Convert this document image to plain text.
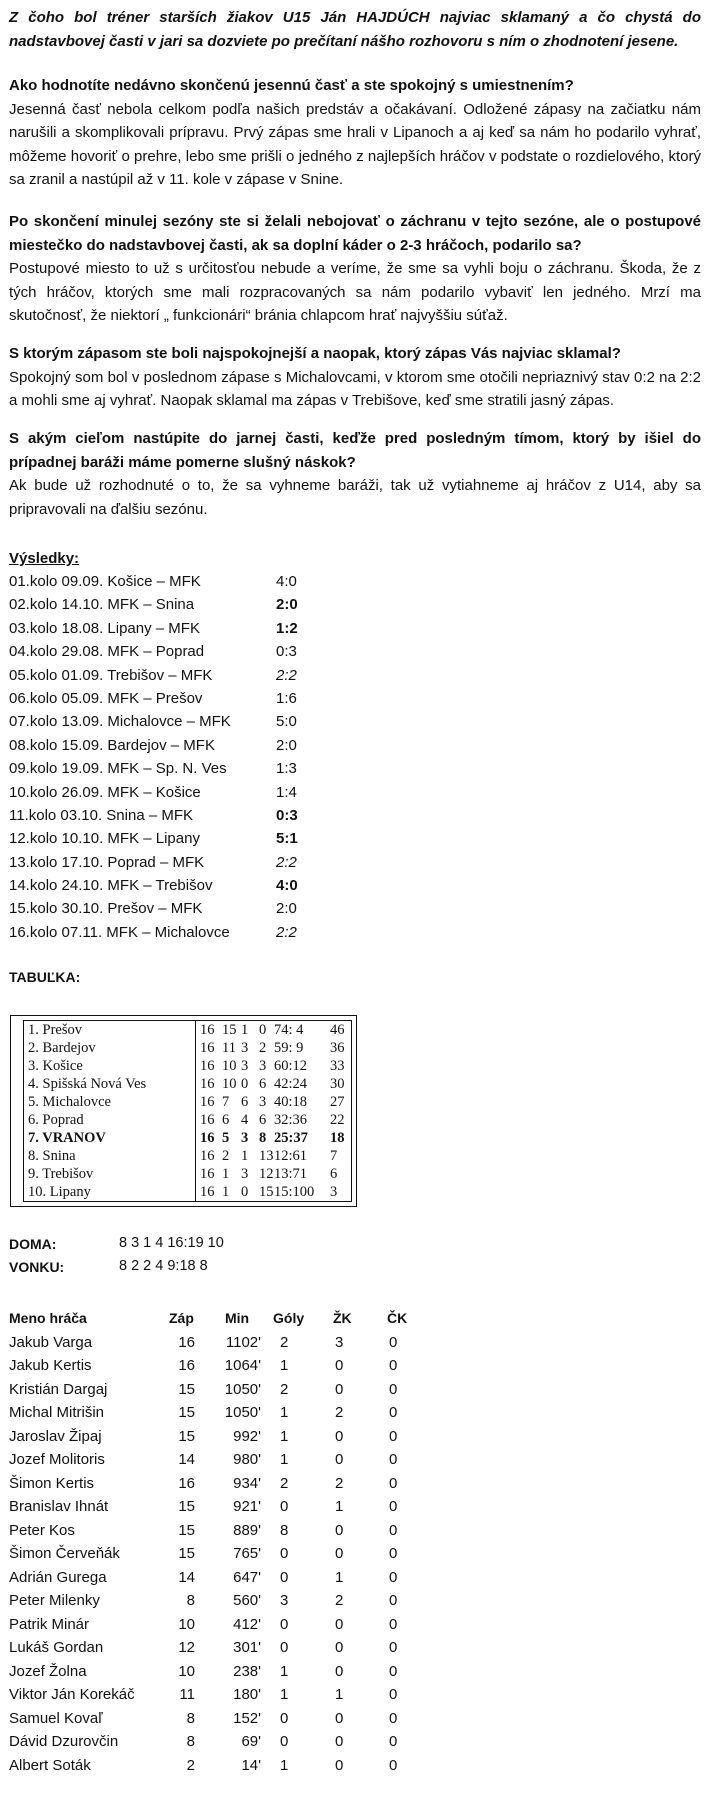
Z čoho bol tréner starších žiakov U15 Ján HAJDÚCH najviac sklamaný a čo chystá do nadstavbovej časti v jari sa dozviete po prečítaní nášho rozhovoru s ním o zhodnotení jesene.
Ako hodnotíte nedávno skončenú jesennú časť a ste spokojný s umiestnením?
Jesenná časť nebola celkom podľa našich predstáv a očakávaní. Odložené zápasy na začiatku nám narušili a skomplikovali prípravu. Prvý zápas sme hrali v Lipanoch a aj keď sa nám ho podarilo vyhrať, môžeme hovoriť o prehre, lebo sme prišli o jedného z najlepších hráčov v podstate o rozdielového, ktorý sa zranil a nastúpil až v 11. kole v zápase v Snine.
Po skončení minulej sezóny ste si želali nebojovať o záchranu v tejto sezóne, ale o postupové miestečko do nadstavbovej časti, ak sa doplní káder o 2-3 hráčoch, podarilo sa?
Postupové miesto to už s určitosťou nebude a veríme, že sme sa vyhli boju o záchranu. Škoda, že z tých hráčov, ktorých sme mali rozpracovaných sa nám podarilo vybaviť len jedného. Mrzí ma skutočnosť, že niektorí „ funkcionári“ bránia chlapcom hrať najvyššiu súťaž.
S ktorým zápasom ste boli najspokojnejší a naopak, ktorý zápas Vás najviac sklamal?
Spokojný som bol v poslednom zápase s Michalovcami, v ktorom sme otočili nepriaznivý stav 0:2 na 2:2 a mohli sme aj vyhrať. Naopak sklamal ma zápas v Trebišove, keď sme stratili jasný zápas.
S akým cieľom nastúpite do jarnej časti, keďže pred posledným tímom, ktorý by išiel do prípadnej baráži máme pomerne slušný náskok?
Ak bude už rozhodnuté o to, že sa vyhneme baráži, tak už vytiahneme aj hráčov z U14, aby sa pripravovali na ďalšiu sezónu.
Výsledky:
01.kolo 09.09. Košice – MFK	4:0
02.kolo 14.10. MFK – Snina	2:0
03.kolo 18.08. Lipany – MFK	1:2
04.kolo 29.08. MFK – Poprad	0:3
05.kolo 01.09. Trebišov – MFK	2:2
06.kolo 05.09. MFK – Prešov	1:6
07.kolo 13.09. Michalovce – MFK	5:0
08.kolo 15.09. Bardejov – MFK	2:0
09.kolo 19.09. MFK – Sp. N. Ves	1:3
10.kolo 26.09. MFK – Košice	1:4
11.kolo 03.10. Snina – MFK	0:3
12.kolo 10.10. MFK – Lipany	5:1
13.kolo 17.10. Poprad – MFK	2:2
14.kolo 24.10. MFK – Trebišov	4:0
15.kolo 30.10. Prešov – MFK	2:0
16.kolo 07.11. MFK – Michalovce	2:2
TABUĽKA:
1. Prešov	16 15 1 0 74: 4 46
2. Bardejov	16 11 3 2 59: 9 36
3. Košice	16 10 3 3 60:12 33
4. Spišská Nová Ves	16 10 0 6 42:24 30
5. Michalovce	16 7 6 3 40:18 27
6. Poprad	16 6 4 6 32:36 22
7. VRANOV	16 5 3 8 25:37 18
8. Snina	16 2 1 13 12:61 7
9. Trebišov	16 1 3 12 13:71 6
10. Lipany	16 1 0 15 15:100 3
DOMA:	8 3 1 4 16:19 10
VONKU:	8 2 2 4 9:18 8
Meno hráča	Záp Min Góly ŽK	ČK
Jakub Varga	16	1102' 2	3	0
Jakub Kertis	16 1064' 1	0	0
Kristián Dargaj	15 1050' 2	0	0
Michal Mitrišin	15 1050' 1	2	0
Jaroslav Žipaj	15	992' 1	0	0
Jozef Molitoris	14	980' 1	0	0
Šimon Kertis	16	934' 2	2	0
Branislav Ihnát	15	921' 0	1	0
Peter Kos	15	889' 8	0	0
Šimon Červeňák	15	765' 0	0	0
Adrián Gurega	14	647' 0	1	0
Peter Milenky	8	560' 3	2	0
Patrik Minár	10	412' 0	0	0
Lukáš Gordan	12	301' 0	0	0
Jozef Žolna	10	238' 1	0	0
Viktor Ján Korekáč	11	180' 1	1	0
Samuel Kovaľ	8	152' 0	0	0
Dávid Dzurovčin	8	69' 0	0	0
Albert Soták	2	14' 1	0	0
